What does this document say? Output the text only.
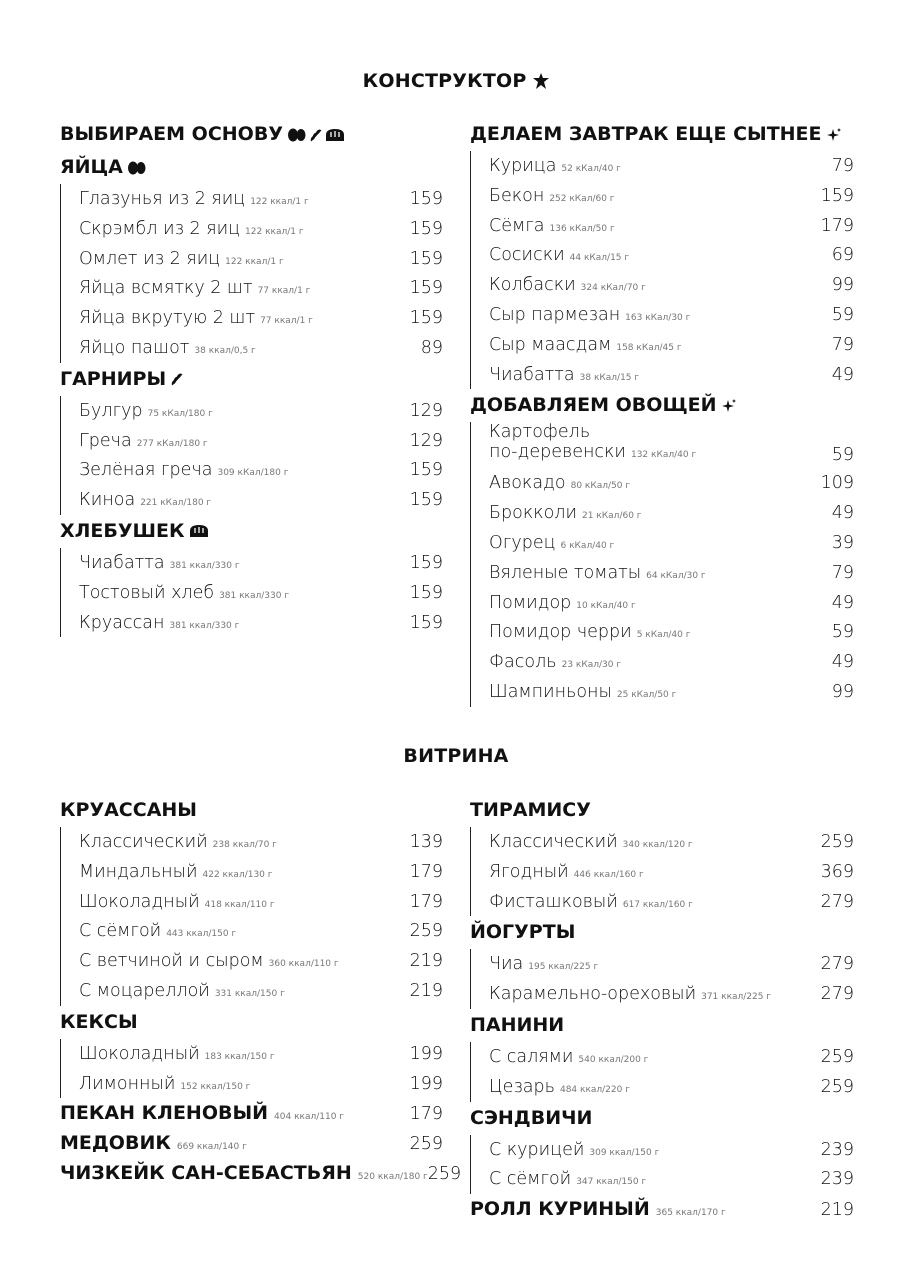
КОНСТРУКТОР
ВЫБИРАЕМ ОСНОВУ
ЯЙЦА
Глазунья из 2 яиц 122 ккал/1 г	159
Скрэмбл из 2 яиц 122 ккал/1 г	159
Омлет из 2 яиц 122 ккал/1 г	159
Яйца всмятку 2 шт 77 ккал/1 г	159
Яйца вкрутую 2 шт 77 ккал/1 г	159
Яйцо пашот 38 ккал/0,5 г	89
ГАРНИРЫ
Булгур 75 кКал/180 г	129
Греча 277 кКал/180 г	129
Зелёная греча 309 кКал/180 г	159
Киноа 221 кКал/180 г	159
ХЛЕБУШЕК
Чиабатта 381 ккал/330 г	159
Тостовый хлеб 381 ккал/330 г	159
Круассан 381 ккал/330 г	159
ДЕЛАЕМ ЗАВТРАК ЕЩЕ СЫТНЕЕ
Курица 52 кКал/40 г	79
Бекон 252 кКал/60 г	159
Сёмга 136 кКал/50 г	179
Сосиски 44 кКал/15 г	69
Колбаски 324 кКал/70 г	99
Сыр пармезан 163 кКал/30 г	59
Сыр маасдам 158 кКал/45 г	79
Чиабатта 38 кКал/15 г	49
ДОБАВЛЯЕМ ОВОЩЕЙ
Картофель
по-деревенски 132 кКал/40 г	59
Авокадо 80 кКал/50 г	109
Брокколи 21 кКал/60 г	49
Огурец 6 кКал/40 г	39
Вяленые томаты 64 кКал/30 г	79
Помидор 10 кКал/40 г	49
Помидор черри 5 кКал/40 г	59
Фасоль 23 кКал/30 г	49
Шампиньоны 25 кКал/50 г	99
ВИТРИНА
КРУАССАНЫ
Классический 238 ккал/70 г	139
Миндальный 422 ккал/130 г	179
Шоколадный 418 ккал/110 г	179
С сёмгой 443 ккал/150 г	259
С ветчиной и сыром 360 ккал/110 г	219
С моцареллой 331 ккал/150 г	219
КЕКСЫ
Шоколадный 183 ккал/150 г	199
Лимонный 152 ккал/150 г	199
ПЕКАН КЛЕНОВЫЙ 404 ккал/110 г	179
МЕДОВИК 669 ккал/140 г	259
ЧИЗКЕЙК САН-СЕБАСТЬЯН 520 ккал/180 г 259
ТИРАМИСУ
Классический 340 ккал/120 г	259
Ягодный 446 ккал/160 г	369
Фисташковый 617 ккал/160 г	279
ЙОГУРТЫ
Чиа 195 ккал/225 г	279
Карамельно-ореховый 371 ккал/225 г	279
ПАНИНИ
С салями 540 ккал/200 г	259
Цезарь 484 ккал/220 г	259
СЭНДВИЧИ
С курицей 309 ккал/150 г	239
С сёмгой 347 ккал/150 г	239
РОЛЛ КУРИНЫЙ 365 ккал/170 г	219
